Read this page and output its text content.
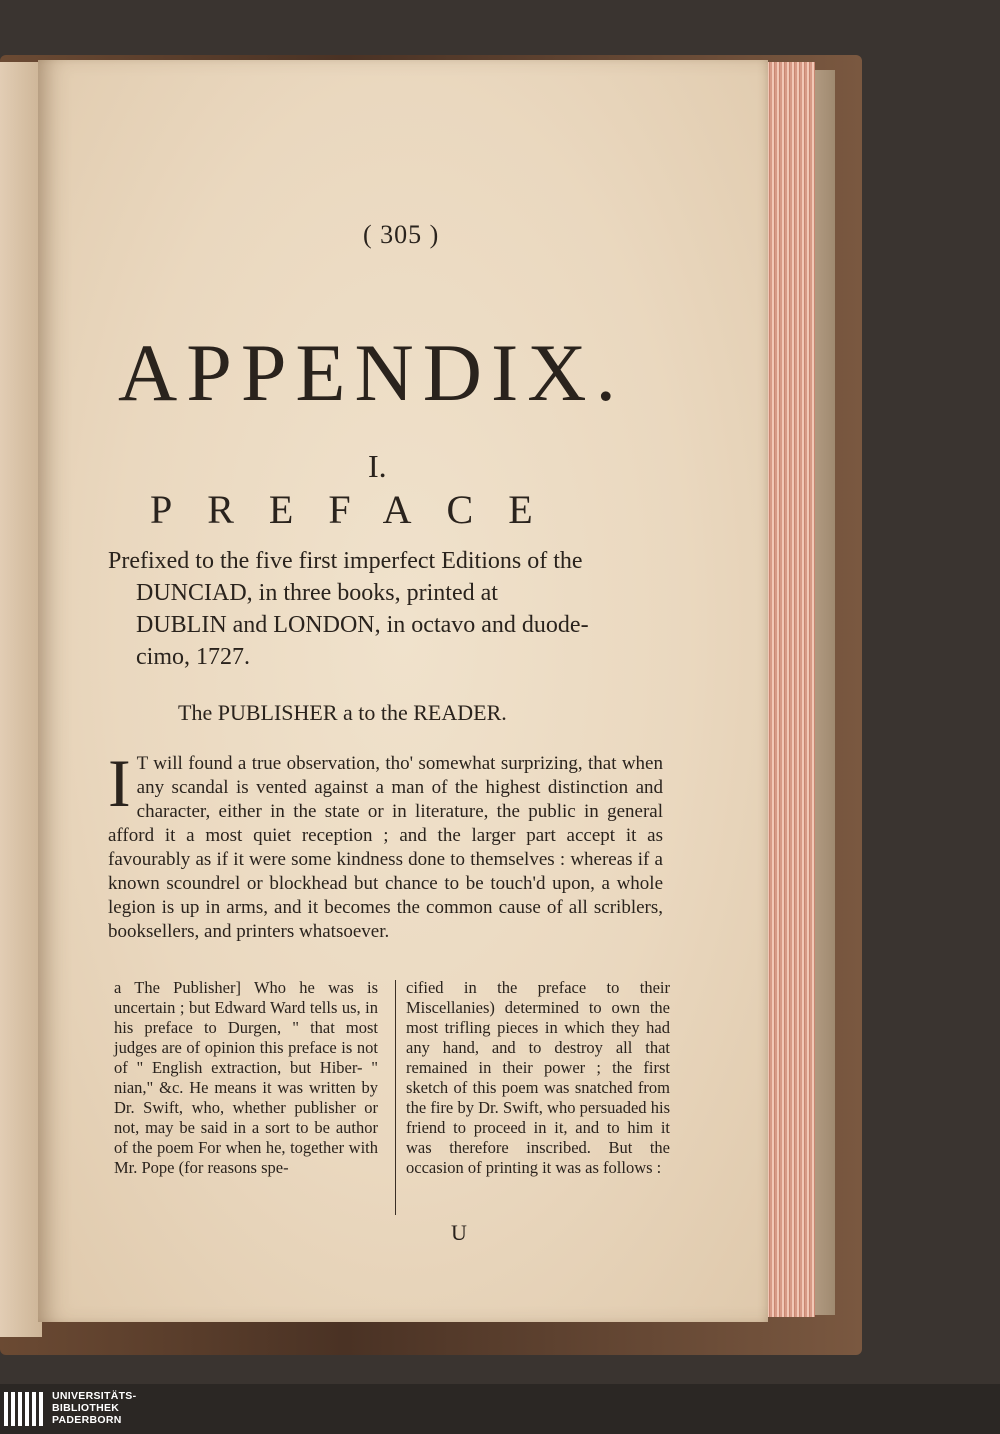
( 305 )
APPENDIX.
I.
PREFACE
Prefixed to the five first imperfect Editions of the
DUNCIAD, in three books, printed at
DUBLIN and LONDON, in octavo and duode-
cimo, 1727.
The PUBLISHER a to the READER.
I T will found a true observation, tho' somewhat surprizing, that when any scandal is vented against a man of the highest distinction and character, either in the state or in literature, the public in general afford it a most quiet reception ; and the larger part accept it as favourably as if it were some kindness done to themselves : whereas if a known scoundrel or blockhead but chance to be touch'd upon, a whole legion is up in arms, and it becomes the common cause of all scriblers, booksellers, and printers whatsoever.
a The Publisher] Who he was is uncertain ; but Edward Ward tells us, in his preface to Durgen, " that most judges are of opinion this preface is not of " English extraction, but Hiber- " nian," &c. He means it was written by Dr. Swift, who, whether publisher or not, may be said in a sort to be author of the poem For when he, together with Mr. Pope (for reasons spe-
cified in the preface to their Miscellanies) determined to own the most trifling pieces in which they had any hand, and to destroy all that remained in their power ; the first sketch of this poem was snatched from the fire by Dr. Swift, who persuaded his friend to proceed in it, and to him it was therefore inscribed. But the occasion of printing it was as follows :
U
UNIVERSITÄTS-
BIBLIOTHEK
PADERBORN
